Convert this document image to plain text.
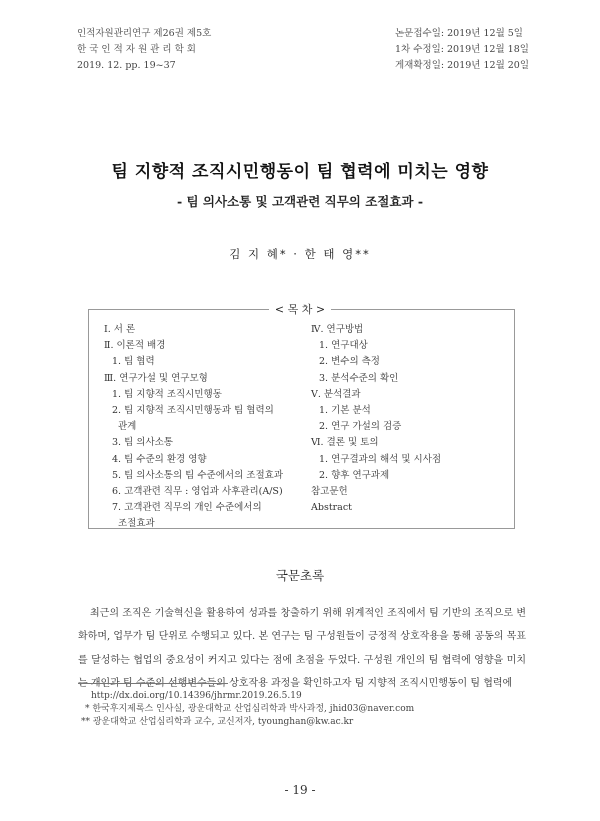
인적자원관리연구 제26권 제5호
한 국 인 적 자 원 관 리 학 회
2019. 12. pp. 19~37
논문접수일: 2019년 12월 5일
1차 수정일: 2019년 12월 18일
게재확정일: 2019년 12월 20일
팀 지향적 조직시민행동이 팀 협력에 미치는 영향
- 팀 의사소통 및 고객관련 직무의 조절효과 -
김 지 혜* · 한 태 영**
< 목 차 >
Ⅰ. 서 론
Ⅱ. 이론적 배경
1. 팀 협력
Ⅲ. 연구가설 및 연구모형
1. 팀 지향적 조직시민행동
2. 팀 지향적 조직시민행동과 팀 협력의
관계
3. 팀 의사소통
4. 팀 수준의 환경 영향
5. 팀 의사소통의 팀 수준에서의 조절효과
6. 고객관련 직무 : 영업과 사후관리(A/S)
7. 고객관련 직무의 개인 수준에서의
조절효과
Ⅳ. 연구방법
1. 연구대상
2. 변수의 측정
3. 분석수준의 확인
Ⅴ. 분석결과
1. 기본 분석
2. 연구 가설의 검증
Ⅵ. 결론 및 토의
1. 연구결과의 해석 및 시사점
2. 향후 연구과제
참고문헌
Abstract
국문초록
최근의 조직은 기술혁신을 활용하여 성과를 창출하기 위해 위계적인 조직에서 팀 기반의 조직으로 변화하며, 업무가 팀 단위로 수행되고 있다. 본 연구는 팀 구성원들이 긍정적 상호작용을 통해 공동의 목표를 달성하는 협업의 중요성이 커지고 있다는 점에 초점을 두었다. 구성원 개인의 팀 협력에 영향을 미치는 개인과 팀 수준의 선행변수들의 상호작용 과정을 확인하고자 팀 지향적 조직시민행동이 팀 협력에
http://dx.doi.org/10.14396/jhrmr.2019.26.5.19
* 한국후지제록스 인사실, 광운대학교 산업심리학과 박사과정, jhid03@naver.com
** 광운대학교 산업심리학과 교수, 교신저자, tyounghan@kw.ac.kr
- 19 -
